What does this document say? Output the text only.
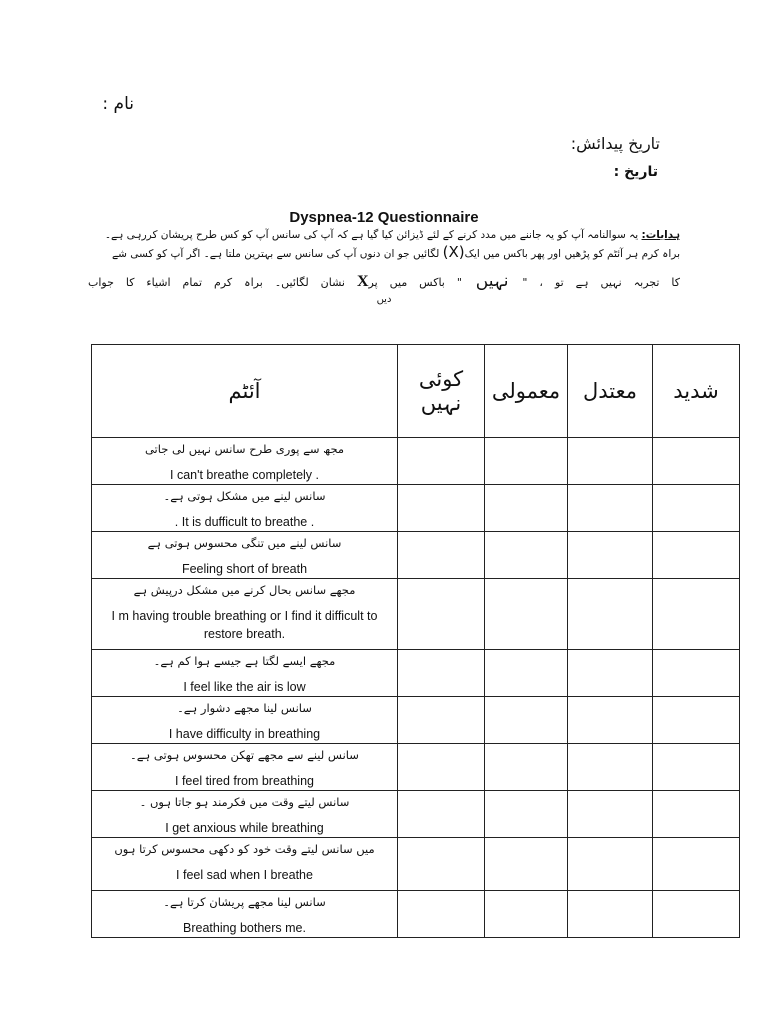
نام :
تاریخ پیدائش:
تاریخ :
Dyspnea-12 Questionnaire
ہدایات: یہ سوالنامہ آپ کو یہ جاننے میں مدد کرنے کے لئے ڈیزائن کیا گیا ہے کہ آپ کی سانس آپ کو کس طرح پریشان کررہی ہے۔
براہ کرم ہر آئٹم کو پڑھیں اور پھر باکس میں ایک(X) لگائیں جو ان دنوں آپ کی سانس سے بہترین ملتا ہے۔ اگر آپ کو کسی شے
کا تجربہ نہیں ہے تو ، " نہیں " باکس میں پرX نشان لگائیں۔ براہ کرم تمام اشیاء کا جواب
دیں
آئٹم	کوئی نہیں	معمولی	معتدل	شدید

مجھ سے پوری طرح سانس نہیں لی جاتی
I can't breathe completely .				

سانس لینے میں مشکل ہوتی ہے۔
. It is dufficult to breathe .				

سانس لینے میں تنگی محسوس ہوتی ہے
Feeling short of breath				

مجھے سانس بحال کرنے میں مشکل درپیش ہے
I m having trouble breathing or I find it difficult to restore breath.				

مجھے ایسے لگتا ہے جیسے ہوا کم ہے۔
I feel like the air is low				

سانس لینا مجھے دشوار ہے۔
I have difficulty in breathing				

سانس لینے سے مجھے تھکن محسوس ہوتی ہے۔
I feel tired from breathing				

سانس لیتے وقت میں فکرمند ہو جاتا ہوں ۔
I get anxious while breathing				

میں سانس لیتے وقت خود کو دکھی محسوس کرتا ہوں
I feel sad when I breathe				

سانس لینا مجھے پریشان کرتا ہے۔
Breathing bothers me.				
